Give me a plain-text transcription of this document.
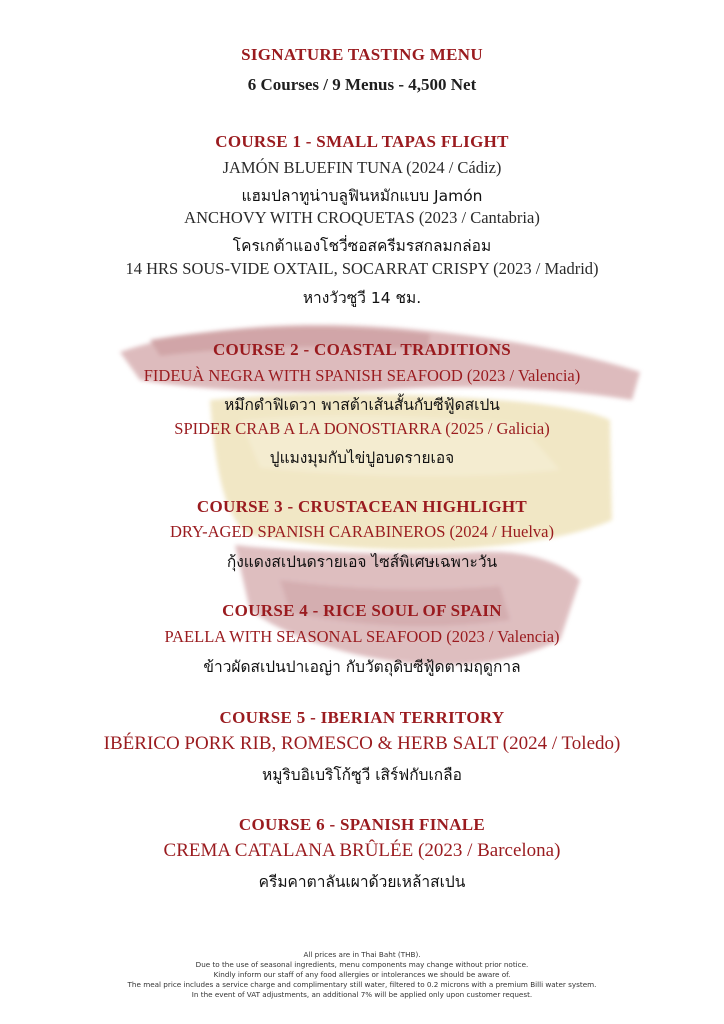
SIGNATURE TASTING MENU
6 Courses / 9 Menus - 4,500 Net
COURSE 1 - SMALL TAPAS FLIGHT
JAMÓN BLUEFIN TUNA (2024 / Cádiz)
แฮมปลาทูน่าบลูฟินหมักแบบ Jamón
ANCHOVY WITH CROQUETAS (2023 / Cantabria)
โครเกต้าแองโชวี่ซอสครีมรสกลมกล่อม
14 HRS SOUS-VIDE OXTAIL, SOCARRAT CRISPY (2023 / Madrid)
หางวัวซูวี 14 ชม.
COURSE 2 - COASTAL TRADITIONS
FIDEUÀ NEGRA WITH SPANISH SEAFOOD (2023 / Valencia)
หมึกดำฟิเดวา พาสต้าเส้นสั้นกับซีฟู้ดสเปน
SPIDER CRAB A LA DONOSTIARRA (2025 / Galicia)
ปูแมงมุมกับไข่ปูอบดรายเอจ
COURSE 3 - CRUSTACEAN HIGHLIGHT
DRY-AGED SPANISH CARABINEROS (2024 / Huelva)
กุ้งแดงสเปนดรายเอจ ไซส์พิเศษเฉพาะวัน
COURSE 4 - RICE SOUL OF SPAIN
PAELLA WITH SEASONAL SEAFOOD (2023 / Valencia)
ข้าวผัดสเปนปาเอญ่า กับวัตถุดิบซีฟู้ดตามฤดูกาล
COURSE 5 - IBERIAN TERRITORY
IBÉRICO PORK RIB, ROMESCO & HERB SALT (2024 / Toledo)
หมูริบอิเบริโก้ซูวี เสิร์ฟกับเกลือ
COURSE 6 - SPANISH FINALE
CREMA CATALANA BRÛLÉE (2023 / Barcelona)
ครีมคาตาลันเผาด้วยเหล้าสเปน
All prices are in Thai Baht (THB).
Due to the use of seasonal ingredients, menu components may change without prior notice.
Kindly inform our staff of any food allergies or intolerances we should be aware of.
The meal price includes a service charge and complimentary still water, filtered to 0.2 microns with a premium Billi water system.
In the event of VAT adjustments, an additional 7% will be applied only upon customer request.
